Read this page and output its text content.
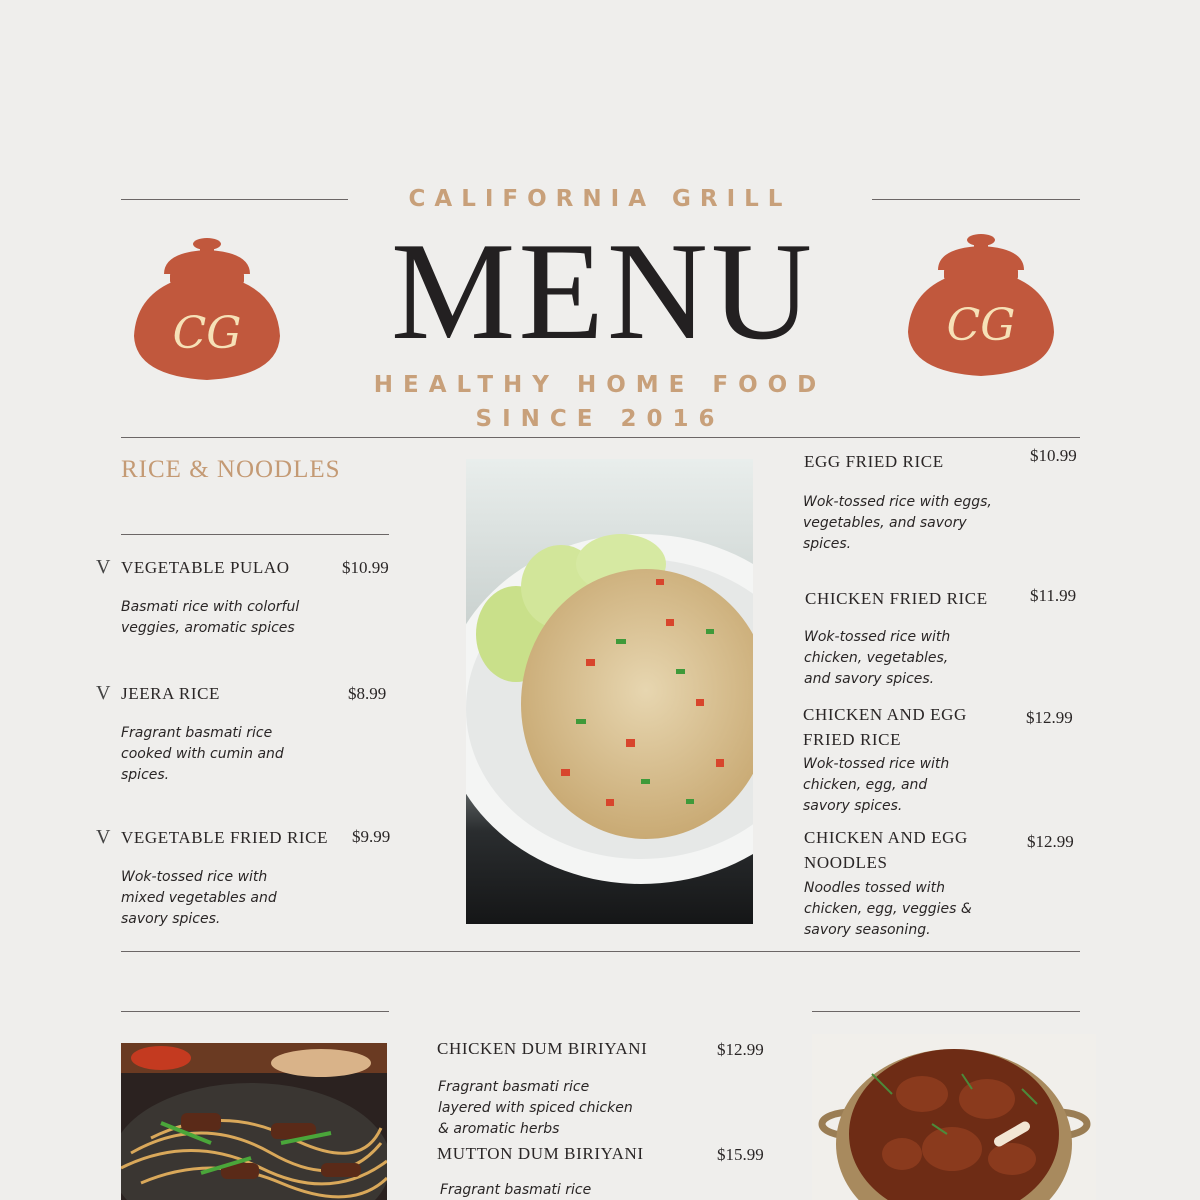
CALIFORNIA GRILL
MENU
HEALTHY HOME FOOD
SINCE 2016
CG	CG
RICE & NOODLES
V VEGETABLE PULAO	$10.99
Basmati rice with colorful
veggies, aromatic spices
V JEERA RICE	$8.99
Fragrant basmati rice
cooked with cumin and
spices.
V VEGETABLE FRIED RICE $9.99
Wok-tossed rice with
mixed vegetables and
savory spices.
EGG FRIED RICE	$10.99
Wok-tossed rice with eggs,
vegetables, and savory
spices.
CHICKEN FRIED RICE $11.99
Wok-tossed rice with
chicken, vegetables,
and savory spices.
CHICKEN AND EGG
FRIED RICE
$12.99
Wok-tossed rice with
chicken, egg, and
savory spices.
CHICKEN AND EGG
NOODLES
$12.99
Noodles tossed with
chicken, egg, veggies &
savory seasoning.
CHICKEN DUM BIRIYANI	$12.99
Fragrant basmati rice
layered with spiced chicken
& aromatic herbs
MUTTON DUM BIRIYANI	$15.99
Fragrant basmati rice
